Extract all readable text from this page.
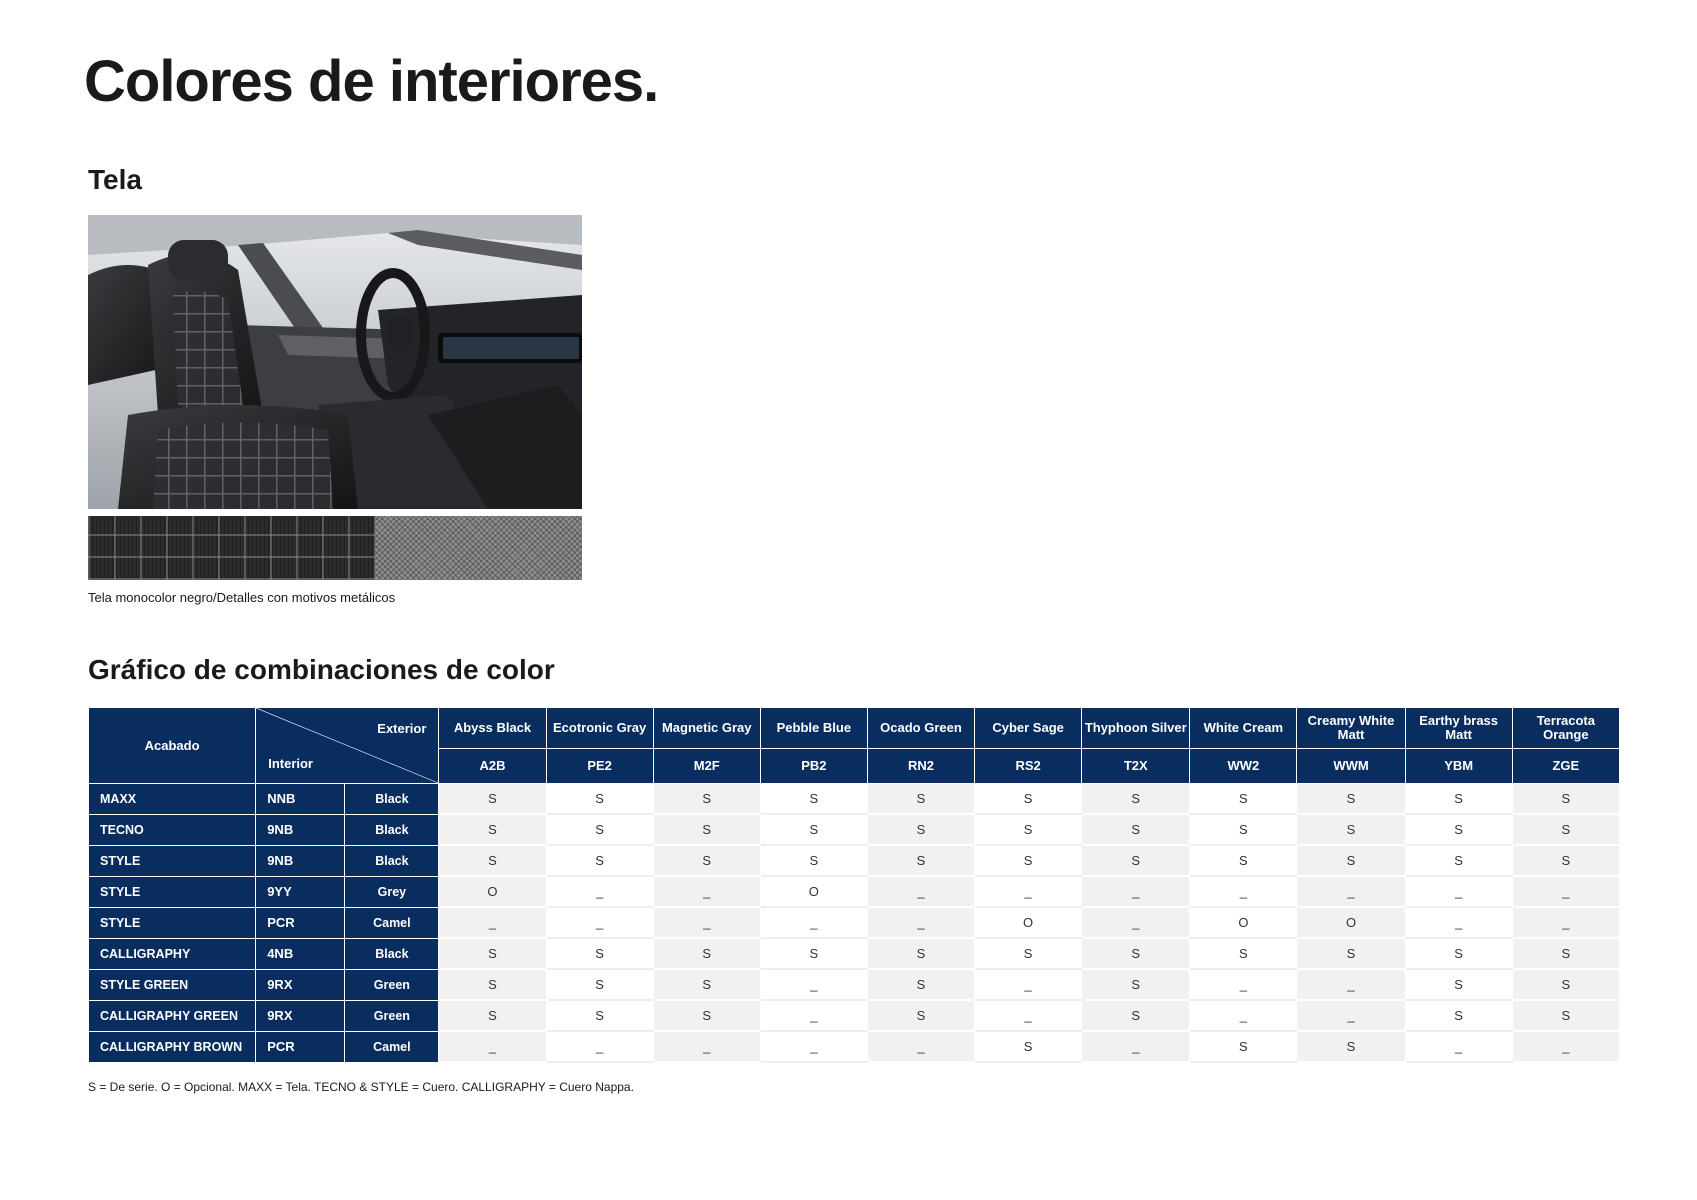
Colores de interiores.
Tela
Tela monocolor negro/Detalles con motivos metálicos
Gráfico de combinaciones de color
Acabado	Exterior
Interior		Abyss Black	Ecotronic Gray	Magnetic Gray	Pebble Blue	Ocado Green	Cyber Sage	Thyphoon Silver	White Cream	Creamy White Matt	Earthy brass Matt	Terracota Orange
			A2B	PE2	M2F	PB2	RN2	RS2	T2X	WW2	WWM	YBM	ZGE
MAXX	NNB	Black	S	S	S	S	S	S	S	S	S	S	S
TECNO	9NB	Black	S	S	S	S	S	S	S	S	S	S	S
STYLE	9NB	Black	S	S	S	S	S	S	S	S	S	S	S
STYLE	9YY	Grey	O	_	_	O	_	_	_	_	_	_	_
STYLE	PCR	Camel	_	_	_	_	_	O	_	O	O	_	_
CALLIGRAPHY	4NB	Black	S	S	S	S	S	S	S	S	S	S	S
STYLE GREEN	9RX	Green	S	S	S	_	S	_	S	_	_	S	S
CALLIGRAPHY GREEN	9RX	Green	S	S	S	_	S	_	S	_	_	S	S
CALLIGRAPHY BROWN	PCR	Camel	_	_	_	_	_	S	_	S	S	_	_
S = De serie. O = Opcional. MAXX = Tela. TECNO & STYLE = Cuero. CALLIGRAPHY = Cuero Nappa.
